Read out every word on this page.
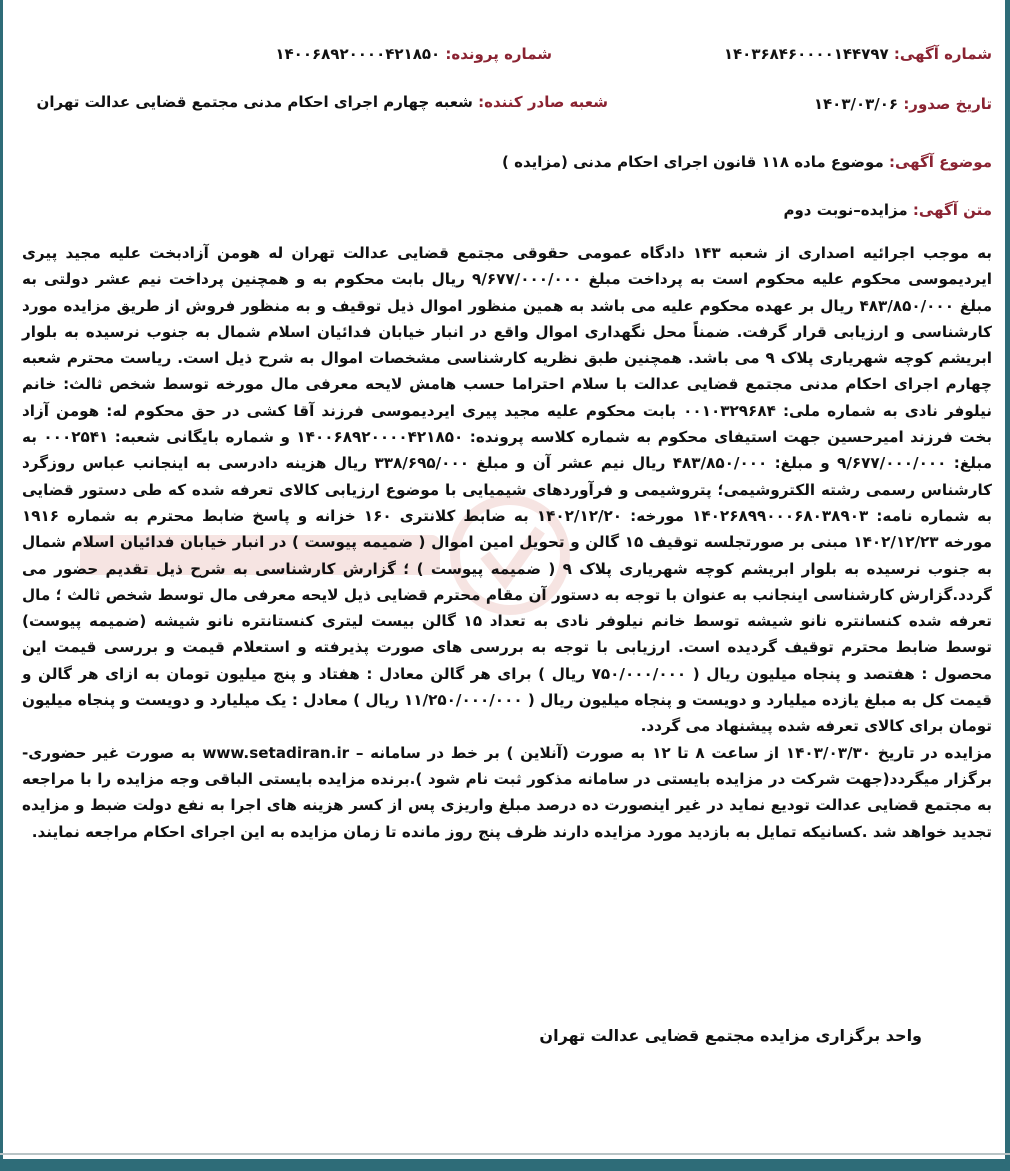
شماره آگهی: ۱۴۰۳۶۸۴۶۰۰۰۰۱۴۴۷۹۷
شماره پرونده: ۱۴۰۰۶۸۹۲۰۰۰۰۴۲۱۸۵۰
تاریخ صدور: ۱۴۰۳/۰۳/۰۶
شعبه صادر کننده: شعبه چهارم اجرای احکام مدنی مجتمع قضایی عدالت تهران
موضوع آگهی: موضوع ماده ۱۱۸ قانون اجرای احکام مدنی (مزایده )
متن آگهی: مزایده–نوبت دوم

به موجب اجرائیه اصداری از شعبه ۱۴۳ دادگاه عمومی حقوقی مجتمع قضایی عدالت تهران له هومن آزادبخت علیه مجید پیری ایردیموسی محکوم علیه محکوم است به پرداخت مبلغ ۹/۶۷۷/۰۰۰/۰۰۰ ریال بابت محکوم به و همچنین پرداخت نیم عشر دولتی به مبلغ ۴۸۳/۸۵۰/۰۰۰ ریال بر عهده محکوم علیه می باشد به همین منظور اموال ذیل توقیف و به منظور فروش از طریق مزایده مورد کارشناسی و ارزیابی قرار گرفت. ضمناً محل نگهداری اموال واقع در انبار خیابان فدائیان اسلام شمال به جنوب نرسیده به بلوار ابریشم کوچه شهریاری پلاک ۹ می باشد. همچنین طبق نظریه کارشناسی مشخصات اموال به شرح ذیل است. ریاست محترم شعبه چهارم اجرای احکام مدنی مجتمع قضایی عدالت با سلام احتراما حسب هامش لایحه معرفی مال مورخه توسط شخص ثالث: خانم نیلوفر نادی به شماره ملی: ۰۰۱۰۳۲۹۶۸۴ بابت محکوم علیه مجید پیری ایردیموسی فرزند آقا کشی در حق محکوم له: هومن آزاد بخت فرزند امیرحسین جهت استیفای محکوم به شماره کلاسه پرونده: ۱۴۰۰۶۸۹۲۰۰۰۰۴۲۱۸۵۰ و شماره بایگانی شعبه: ۰۰۰۲۵۴۱ به مبلغ: ۹/۶۷۷/۰۰۰/۰۰۰ و مبلغ: ۴۸۳/۸۵۰/۰۰۰ ریال نیم عشر آن و مبلغ ۳۳۸/۶۹۵/۰۰۰ ریال هزینه دادرسی به اینجانب عباس روزگرد کارشناس رسمی رشته الکتروشیمی؛ پتروشیمی و فرآوردهای شیمیایی با موضوع ارزیابی کالای تعرفه شده که طی دستور قضایی به شماره نامه: ۱۴۰۲۶۸۹۹۰۰۰۶۸۰۳۸۹۰۳ مورخه: ۱۴۰۲/۱۲/۲۰ به ضابط کلانتری ۱۶۰ خزانه و پاسخ ضابط محترم به شماره ۱۹۱۶ مورخه ۱۴۰۲/۱۲/۲۳ مبنی بر صورتجلسه توقیف ۱۵ گالن و تحویل امین اموال ( ضمیمه پیوست ) در انبار خیابان فدائیان اسلام شمال به جنوب نرسیده به بلوار ابریشم کوچه شهریاری پلاک ۹ ( ضمیمه پیوست ) ؛ گزارش کارشناسی به شرح ذیل تقدیم حضور می گردد.گزارش کارشناسی اینجانب به عنوان با توجه به دستور آن مقام محترم قضایی ذیل لایحه معرفی مال توسط شخص ثالث ؛ مال تعرفه شده کنسانتره نانو شیشه توسط خانم نیلوفر نادی به تعداد ۱۵ گالن بیست لیتری کنستانتره نانو شیشه (ضمیمه پیوست) توسط ضابط محترم توقیف گردیده است. ارزیابی با توجه به بررسی های صورت پذیرفته و استعلام قیمت و بررسی قیمت این محصول : هفتصد و پنجاه میلیون ریال ( ۷۵۰/۰۰۰/۰۰۰ ریال ) برای هر گالن معادل : هفتاد و پنج میلیون تومان به ازای هر گالن و قیمت کل به مبلغ یازده میلیارد و دویست و پنجاه میلیون ریال ( ۱۱/۲۵۰/۰۰۰/۰۰۰ ریال ) معادل : یک میلیارد و دویست و پنجاه میلیون تومان برای کالای تعرفه شده پیشنهاد می گردد.

مزایده در تاریخ ۱۴۰۳/۰۳/۳۰ از ساعت ۸ تا ۱۲ به صورت (آنلاین ) بر خط در سامانه – www.setadiran.ir به صورت غیر حضوری- برگزار میگردد(جهت شرکت در مزایده بایستی در سامانه مذکور ثبت نام شود ).برنده مزایده بایستی الباقی وجه مزایده را با مراجعه به مجتمع قضایی عدالت تودیع نماید در غیر اینصورت ده درصد مبلغ واریزی پس از کسر هزینه های اجرا به نفع دولت ضبط و مزایده تجدید خواهد شد .کسانیکه تمایل به بازدید مورد مزایده دارند ظرف پنج روز مانده تا زمان مزایده به این اجرای احکام مراجعه نمایند.

واحد برگزاری مزایده مجتمع قضایی عدالت تهران
